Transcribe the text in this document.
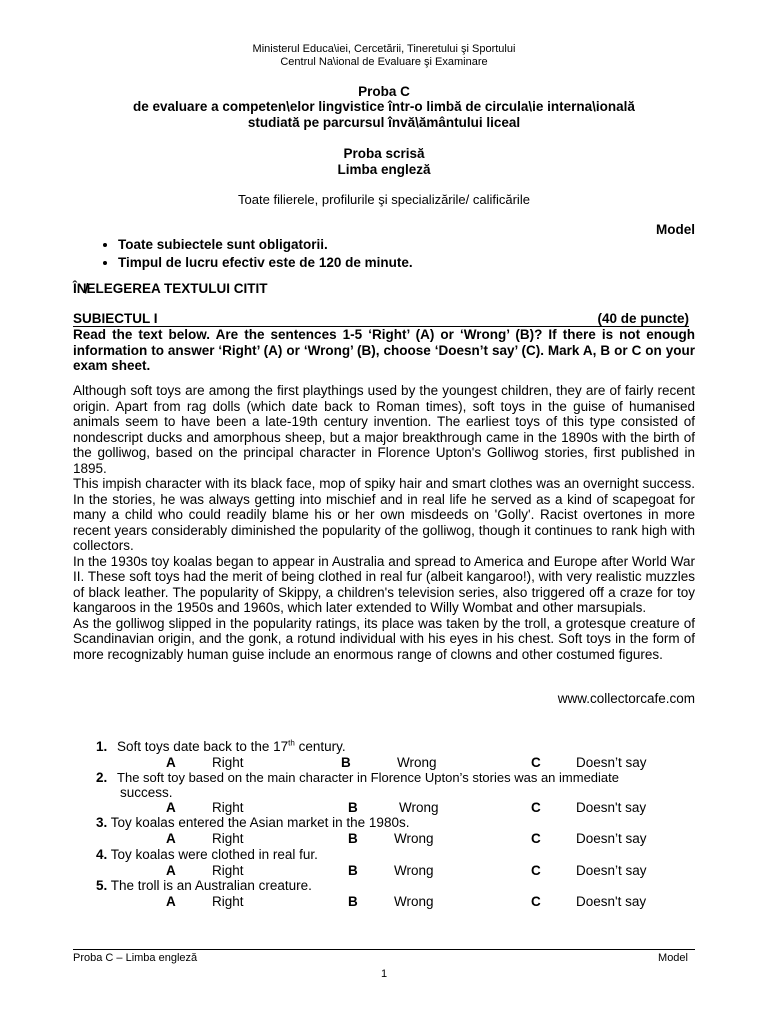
Ministerul Educa\iei, Cercetării, Tineretului şi Sportului
Centrul Na\ional de Evaluare şi Examinare
Proba C
de evaluare a competen\elor lingvistice într-o limbă de circula\ie interna\ională
studiată pe parcursul învă\ământului liceal
Proba scrisă
Limba engleză
Toate filierele, profilurile şi specializările/ calificările
Model
• Toate subiectele sunt obligatorii.
• Timpul de lucru efectiv este de 120 de minute.
ÎN̸ELEGEREA TEXTULUI CITIT
SUBIECTUL I	(40 de puncte)
Read the text below. Are the sentences 1-5 ‘Right’ (A) or ‘Wrong’ (B)? If there is not enough information to answer ‘Right’ (A) or ‘Wrong’ (B), choose ‘Doesn’t say’ (C). Mark A, B or C on your exam sheet.

Although soft toys are among the first playthings used by the youngest children, they are of fairly recent origin. Apart from rag dolls (which date back to Roman times), soft toys in the guise of humanised animals seem to have been a late-19th century invention. The earliest toys of this type consisted of nondescript ducks and amorphous sheep, but a major breakthrough came in the 1890s with the birth of the golliwog, based on the principal character in Florence Upton's Golliwog stories, first published in 1895.

This impish character with its black face, mop of spiky hair and smart clothes was an overnight success. In the stories, he was always getting into mischief and in real life he served as a kind of scapegoat for many a child who could readily blame his or her own misdeeds on 'Golly'. Racist overtones in more recent years considerably diminished the popularity of the golliwog, though it continues to rank high with collectors.

In the 1930s toy koalas began to appear in Australia and spread to America and Europe after World War II. These soft toys had the merit of being clothed in real fur (albeit kangaroo!), with very realistic muzzles of black leather. The popularity of Skippy, a children's television series, also triggered off a craze for toy kangaroos in the 1950s and 1960s, which later extended to Willy Wombat and other marsupials.

As the golliwog slipped in the popularity ratings, its place was taken by the troll, a grotesque creature of Scandinavian origin, and the gonk, a rotund individual with his eyes in his chest. Soft toys in the form of more recognizably human guise include an enormous range of clowns and other costumed figures.

www.collectorcafe.com
1. Soft toys date back to the 17th century.
A	Right	B	Wrong	C	Doesn’t say
2. The soft toy based on the main character in Florence Upton’s stories was an immediate
success.
A	Right	B	Wrong	C	Doesn't say
3. Toy koalas entered the Asian market in the 1980s.
A	Right	B	Wrong	C	Doesn’t say
4. Toy koalas were clothed in real fur.
A	Right	B	Wrong	C	Doesn’t say
5. The troll is an Australian creature.
A	Right	B	Wrong	C	Doesn't say
Proba C – Limba engleză	Model
1
